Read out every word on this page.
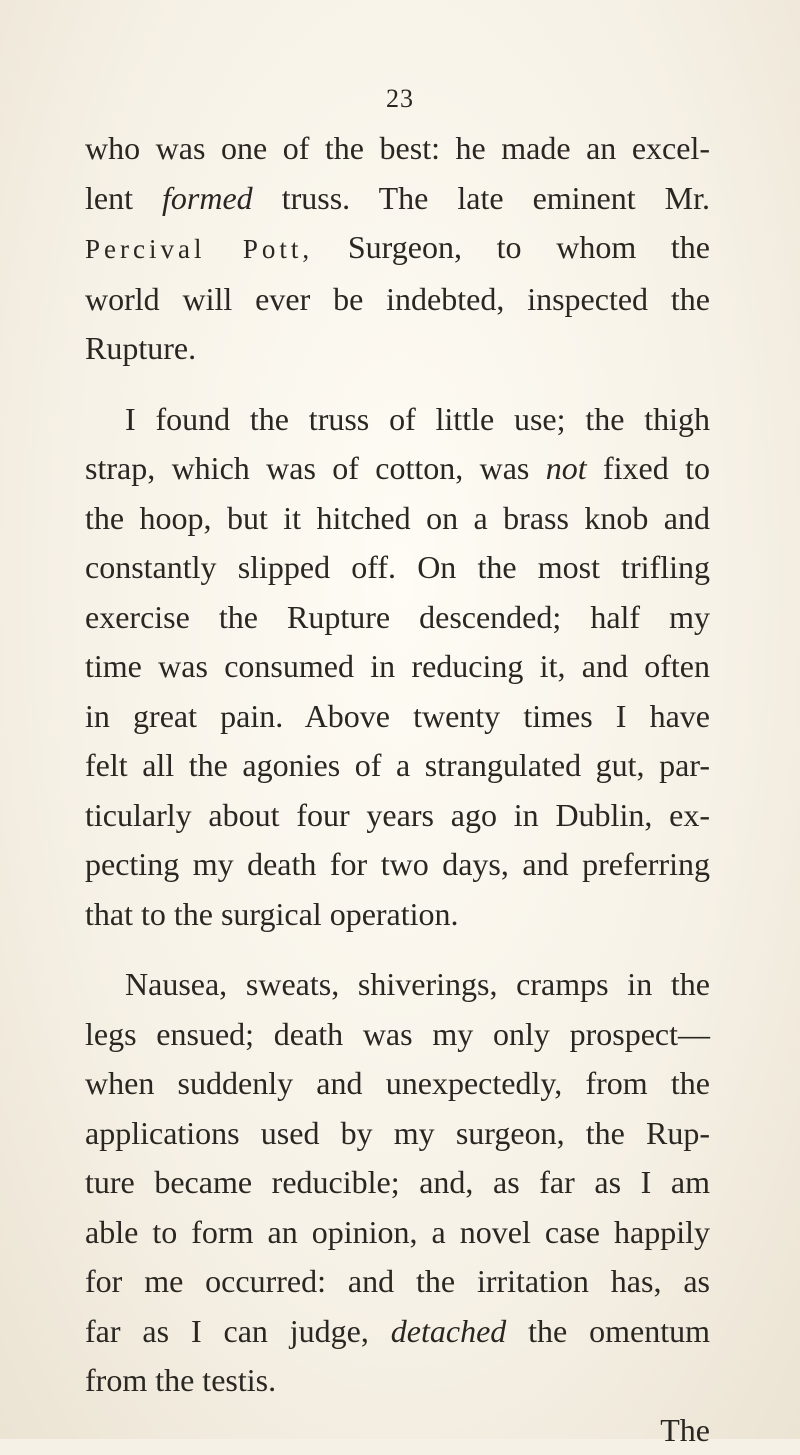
23
who was one of the best: he made an excel-
lent formed truss. The late eminent Mr.
Percival Pott, Surgeon, to whom the
world will ever be indebted, inspected the
Rupture.
I found the truss of little use; the thigh
strap, which was of cotton, was not fixed to
the hoop, but it hitched on a brass knob and
constantly slipped off. On the most trifling
exercise the Rupture descended; half my
time was consumed in reducing it, and often
in great pain. Above twenty times I have
felt all the agonies of a strangulated gut, par-
ticularly about four years ago in Dublin, ex-
pecting my death for two days, and preferring
that to the surgical operation.
Nausea, sweats, shiverings, cramps in the
legs ensued; death was my only prospect—
when suddenly and unexpectedly, from the
applications used by my surgeon, the Rup-
ture became reducible; and, as far as I am
able to form an opinion, a novel case happily
for me occurred: and the irritation has, as
far as I can judge, detached the omentum
from the testis.
The
